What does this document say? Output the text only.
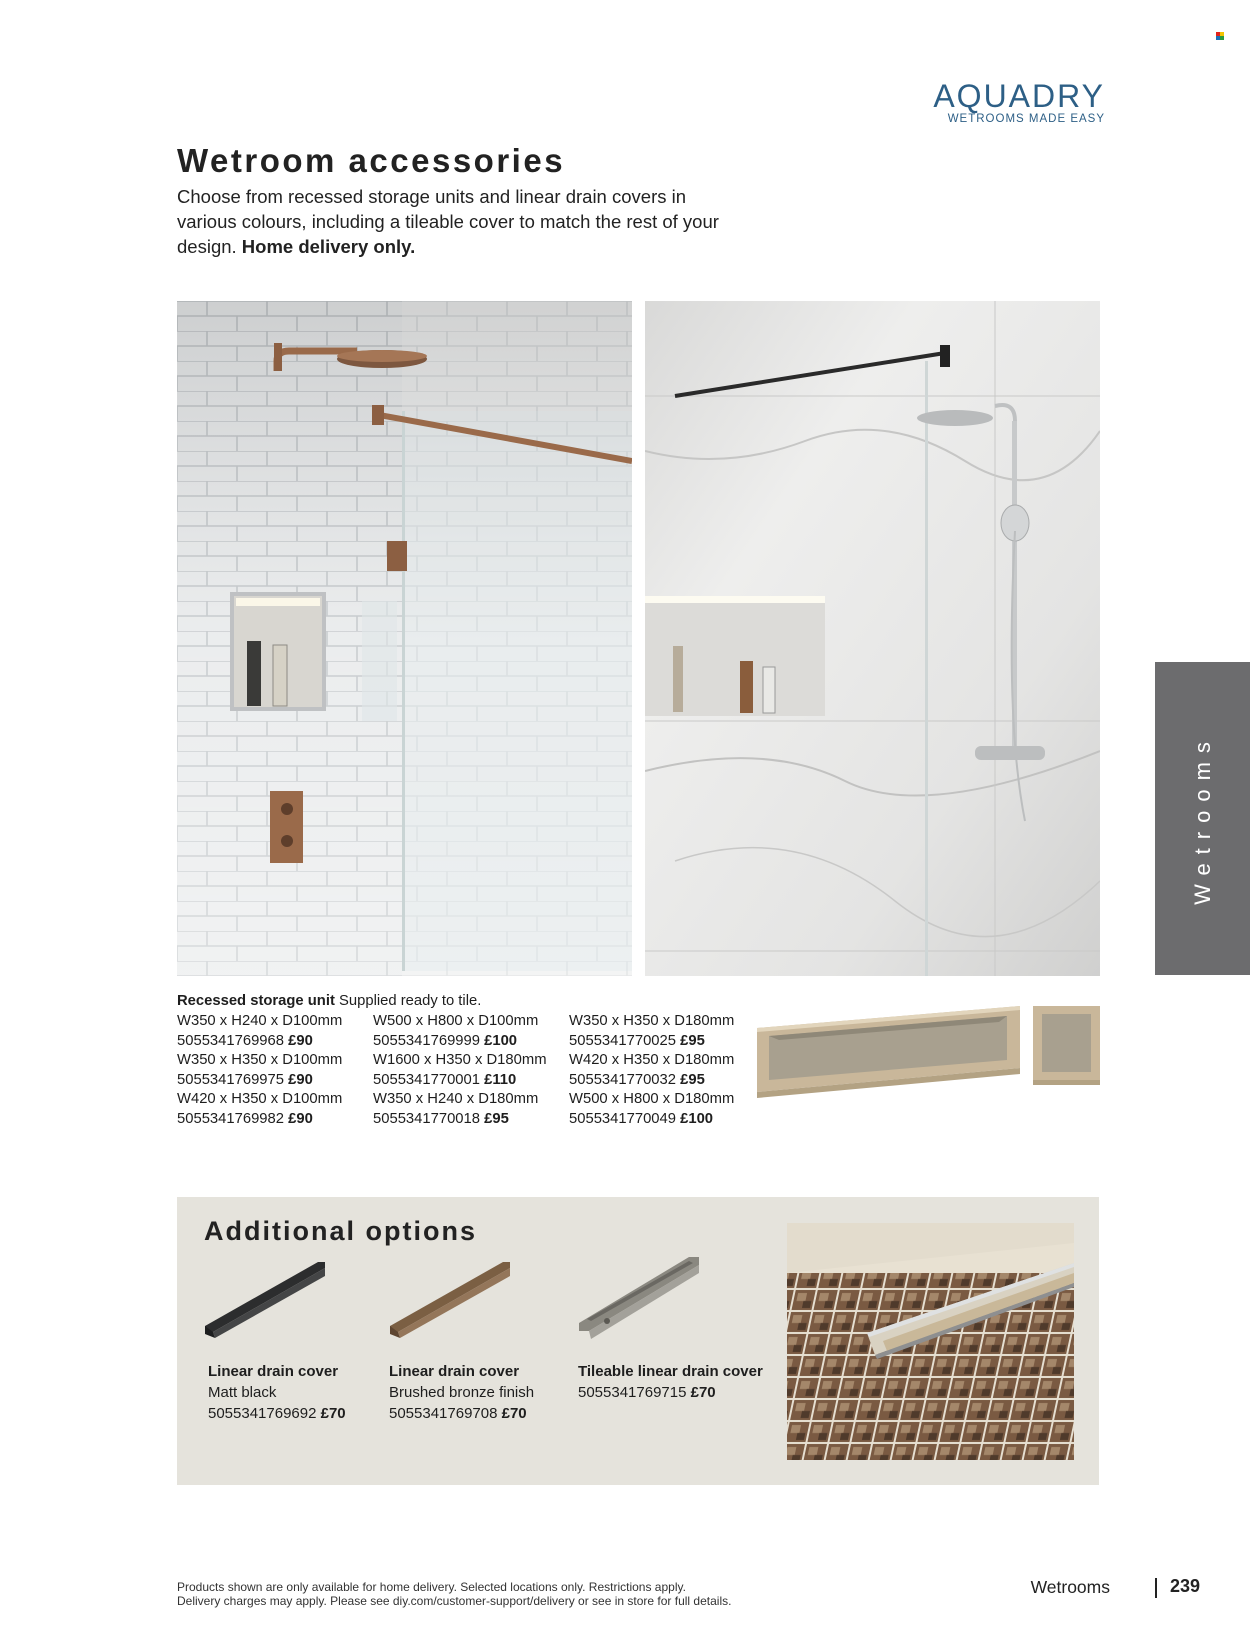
AQUADRY
WETROOMS MADE EASY
Wetroom accessories
Choose from recessed storage units and linear drain covers in various colours, including a tileable cover to match the rest of your design. Home delivery only.
Wetrooms
Recessed storage unit Supplied ready to tile.
W350 x H240 x D100mm
5055341769968 £90
W350 x H350 x D100mm
5055341769975 £90
W420 x H350 x D100mm
5055341769982 £90
W500 x H800 x D100mm
5055341769999 £100
W1600 x H350 x D180mm
5055341770001 £110
W350 x H240 x D180mm
5055341770018 £95
W350 x H350 x D180mm
5055341770025 £95
W420 x H350 x D180mm
5055341770032 £95
W500 x H800 x D180mm
5055341770049 £100
Additional options
Linear drain cover
Matt black
5055341769692 £70
Linear drain cover
Brushed bronze finish
5055341769708 £70
Tileable linear drain cover
5055341769715 £70
Products shown are only available for home delivery. Selected locations only. Restrictions apply.
Delivery charges may apply. Please see diy.com/customer-support/delivery or see in store for full details.
Wetrooms	239
